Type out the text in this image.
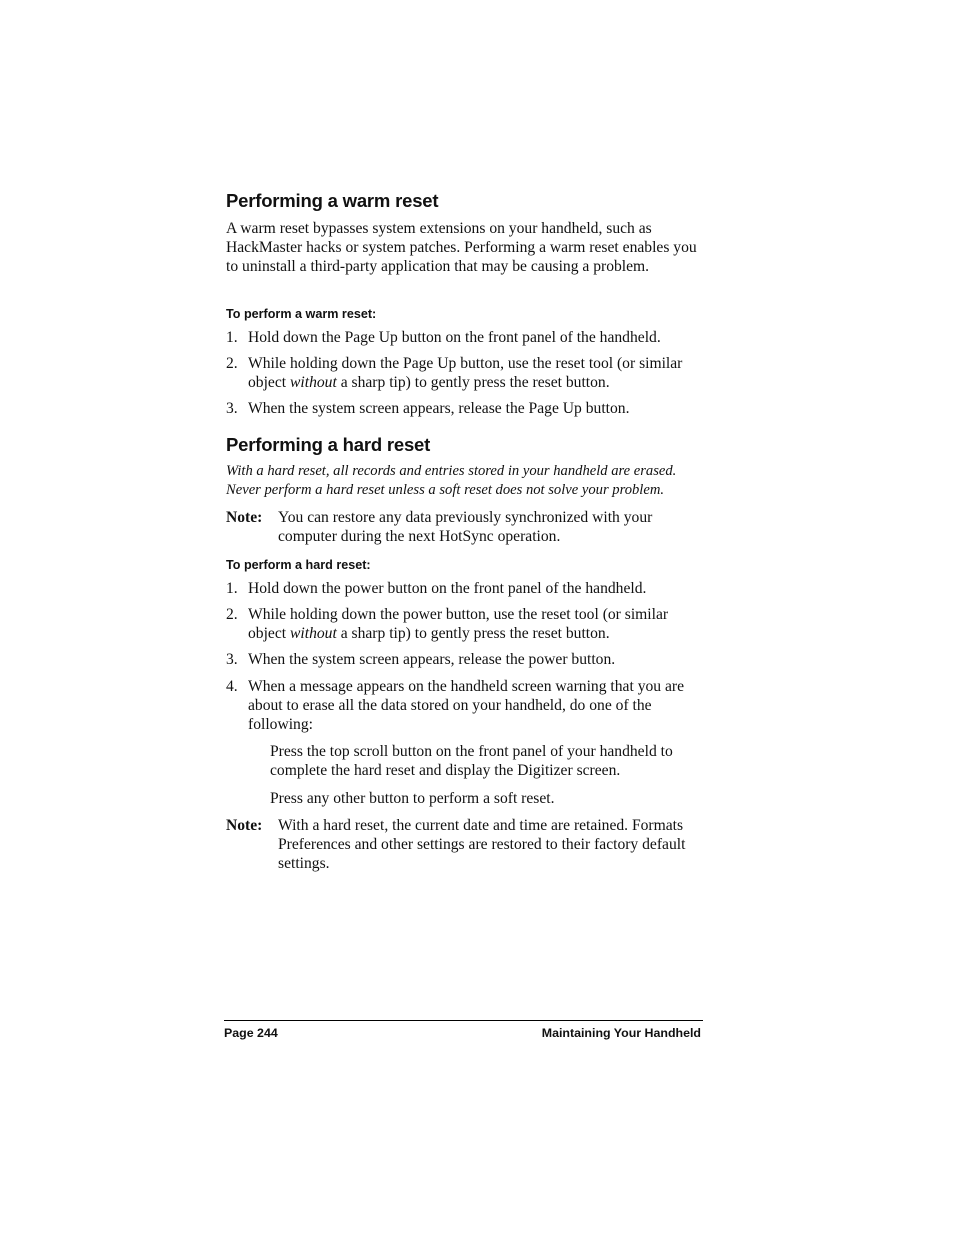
Performing a warm reset

A warm reset bypasses system extensions on your handheld, such as HackMaster hacks or system patches. Performing a warm reset enables you to uninstall a third-party application that may be causing a problem.

To perform a warm reset:
1. Hold down the Page Up button on the front panel of the handheld.
2. While holding down the Page Up button, use the reset tool (or similar object without a sharp tip) to gently press the reset button.
3. When the system screen appears, release the Page Up button.
Performing a hard reset

With a hard reset, all records and entries stored in your handheld are erased. Never perform a hard reset unless a soft reset does not solve your problem.

Note: You can restore any data previously synchronized with your computer during the next HotSync operation.
To perform a hard reset:
1. Hold down the power button on the front panel of the handheld.
2. While holding down the power button, use the reset tool (or similar object without a sharp tip) to gently press the reset button.
3. When the system screen appears, release the power button.
4. When a message appears on the handheld screen warning that you are about to erase all the data stored on your handheld, do one of the following:

Press the top scroll button on the front panel of your handheld to complete the hard reset and display the Digitizer screen.

Press any other button to perform a soft reset.

Note: With a hard reset, the current date and time are retained. Formats Preferences and other settings are restored to their factory default settings.
Page 244	Maintaining Your Handheld
